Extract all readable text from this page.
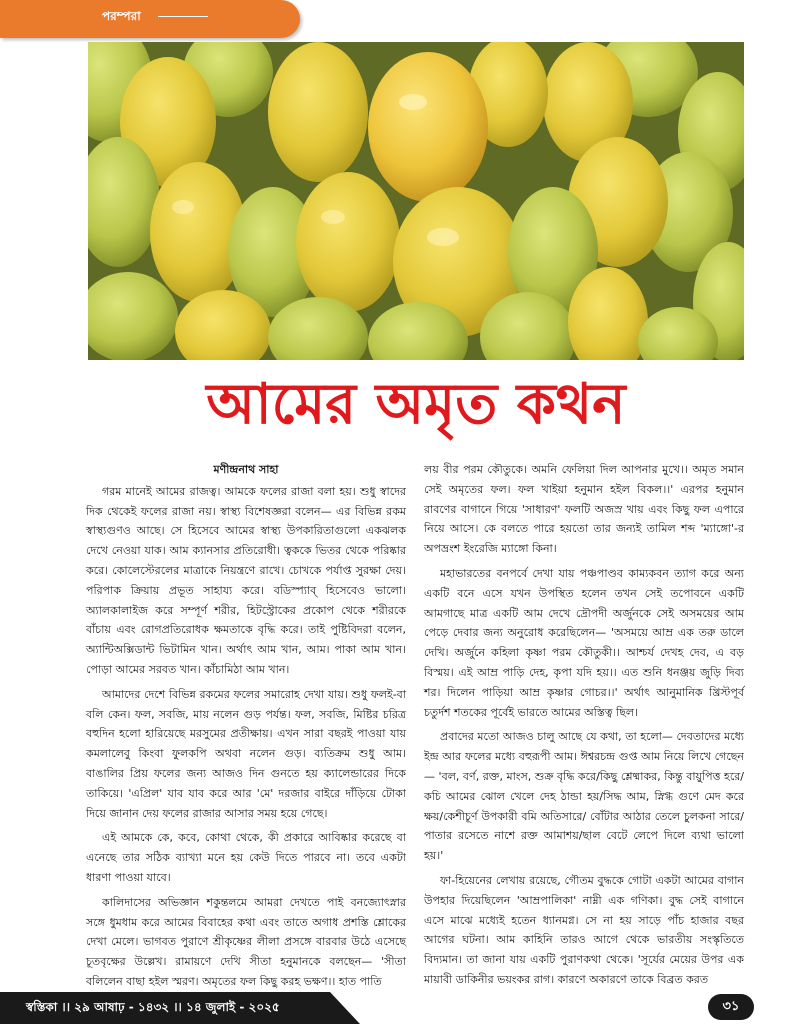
পরম্পরা
আমের অমৃত কথন
মণীন্দ্রনাথ সাহা

গরম মানেই আমের রাজত্ব। আমকে ফলের রাজা বলা হয়। শুধু স্বাদের দিক থেকেই ফলের রাজা নয়। স্বাস্থ্য বিশেষজ্ঞরা বলেন— এর বিভিন্ন রকম স্বাস্থ্যগুণও আছে। সে হিসেবে আমের স্বাস্থ্য উপকারিতাগুলো একঝলক দেখে নেওয়া যাক। আম ক্যানসার প্রতিরোধী। ত্বককে ভিতর থেকে পরিষ্কার করে। কোলেস্টেরলের মাত্রাকে নিয়ন্ত্রণে রাখে। চোখকে পর্যাপ্ত সুরক্ষা দেয়। পরিপাক ক্রিয়ায় প্রভূত সাহায্য করে। বডিস্প্যাব্ হিসেবেও ভালো। অ্যালকালাইজ করে সম্পূর্ণ শরীর, হিটস্ট্রোকের প্রকোপ থেকে শরীরকে বাঁচায় এবং রোগপ্রতিরোধক ক্ষমতাকে বৃদ্ধি করে। তাই পুষ্টিবিদরা বলেন, অ্যান্টিঅক্সিডান্ট ভিটামিন খান। অর্থাৎ আম খান, আম। পাকা আম খান। পোড়া আমের সরবত খান। কাঁচামিঠা আম খান।

আমাদের দেশে বিভিন্ন রকমের ফলের সমারোহ দেখা যায়। শুধু ফলই-বা বলি কেন। ফল, সবজি, মায় নলেন গুড় পর্যন্ত। ফল, সবজি, মিষ্টির চরিত্র বহুদিন হলো হারিয়েছে মরসুমের প্রতীক্ষায়। এখন সারা বছরই পাওয়া যায় কমলালেবু কিংবা ফুলকপি অথবা নলেন গুড়। ব্যতিক্রম শুধু আম। বাঙালির প্রিয় ফলের জন্য আজও দিন গুনতে হয় ক্যালেন্ডারের দিকে তাকিয়ে। 'এপ্রিল' যাব যাব করে আর 'মে' দরজার বাইরে দাঁড়িয়ে টোকা দিয়ে জানান দেয় ফলের রাজার আসার সময় হয়ে গেছে।

এই আমকে কে, কবে, কোথা থেকে, কী প্রকারে আবিষ্কার করেছে বা এনেছে তার সঠিক ব্যাখ্যা মনে হয় কেউ দিতে পারবে না। তবে একটা ধারণা পাওয়া যাবে।

কালিদাসের অভিজ্ঞান শকুন্তলমে আমরা দেখতে পাই বনজ্যোৎস্নার সঙ্গে ধুমধাম করে আমের বিবাহের কথা এবং তাতে অগাধ প্রশস্তি শ্লোকের দেখা মেলে। ভাগবত পুরাণে শ্রীকৃষ্ণের লীলা প্রসঙ্গে বারবার উঠে এসেছে চূতবৃক্ষের উল্লেখ। রামায়ণে দেখি সীতা হনুমানকে বলছেন— 'সীতা বলিলেন বাছা হইল স্মরণ। অমৃতের ফল কিছু করহ ভক্ষণ।। হাত পাতি

লয় বীর পরম কৌতুকে। অমনি ফেলিয়া দিল আপনার মুখে।। অমৃত সমান সেই অমৃতের ফল। ফল খাইয়া হনুমান হইল বিকল।।' এরপর হনুমান রাবণের বাগানে গিয়ে 'সাধারণ' ফলটি অজস্র খায় এবং কিছু ফল এপারে নিয়ে আসে। কে বলতে পারে হয়তো তার জন্যই তামিল শব্দ 'ম্যাঙ্গো'-র অপভ্রংশ ইংরেজি ম্যাঙ্গো কিনা।

মহাভারতের বনপর্বে দেখা যায় পঞ্চপাণ্ডব কাম্যকবন ত্যাগ করে অন্য একটি বনে এসে যখন উপস্থিত হলেন তখন সেই তপোবনে একটি আমগাছে মাত্র একটি আম দেখে দ্রৌপদী অর্জুনকে সেই অসময়ের আম পেড়ে দেবার জন্য অনুরোধ করেছিলেন— 'অসময়ে আম্র এক তরু ডালে দেখি। অর্জুনে কহিলা কৃষ্ণা পরম কৌতুকী।। আশ্চর্য দেখহ দেব, এ বড় বিস্ময়। এই আম্র পাড়ি দেহ, কৃপা যদি হয়।। এত শুনি ধনঞ্জয় জুড়ি দিব্য শর। দিলেন পাড়িয়া আম্র কৃষ্ণার গোচর।।' অর্থাৎ আনুমানিক খ্রিস্টপূর্ব চতুর্দশ শতকের পূর্বেই ভারতে আমের অস্তিত্ব ছিল।

প্রবাদের মতো আজও চালু আছে যে কথা, তা হলো— দেবতাদের মধ্যে ইন্দ্র আর ফলের মধ্যে বহুরূপী আম। ঈশ্বরচন্দ্র গুপ্ত আম নিয়ে লিখে গেছেন— 'বল, বর্ণ, রক্ত, মাংস, শুক্র বৃদ্ধি করে/কিছু শ্লেষ্মাকর, কিন্তু বায়ুপিত্ত হরে/কচি আমের ঝোল খেলে দেহ ঠান্ডা হয়/সিদ্ধ আম, স্নিগ্ধ গুণে মেদ করে ক্ষয়/কেশীচূর্ণ উপকারী বমি অতিসারে/ বোঁটার আঠার তেলে চুলকনা সারে/পাতার রসেতে নাশে রক্ত আমাশয়/ছাল বেটে লেপে দিলে ব্যথা ভালো হয়।'

ফা-হিয়েনের লেখায় রয়েছে, গৌতম বুদ্ধকে গোটা একটা আমের বাগান উপহার দিয়েছিলেন 'আম্রপালিকা' নাম্নী এক গণিকা। বুদ্ধ সেই বাগানে এসে মাঝে মধ্যেই হতেন ধ্যানমগ্ন। সে না হয় সাড়ে পাঁচ হাজার বছর আগের ঘটনা। আম কাহিনি তারও আগে থেকে ভারতীয় সংস্কৃতিতে বিদ্যমান। তা জানা যায় একটি পুরাণকথা থেকে। 'সূর্যের মেয়ের উপর এক মায়াবী ডাকিনীর ভয়ংকর রাগ। কারণে অকারণে তাকে বিব্রত করত

স্বস্তিকা ।। ২৯ আষাঢ় - ১৪৩২ ।। ১৪ জুলাই - ২০২৫	৩১
